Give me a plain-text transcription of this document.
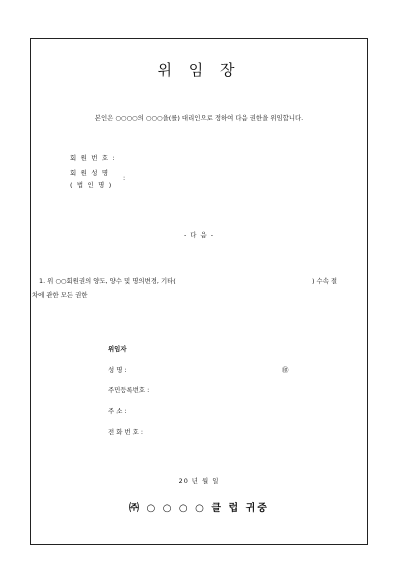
위 임 장
본인은 ○○○○의 ○○○을(를) 대리인으로 정하여 다음 권한을 위임합니다.
회 원 번 호 :
회 원 성 명
( 법 인 명 )
:
- 다 음 -
1. 위 ○○회원권의 양도, 양수 및 명의변경, 기타(	) 수속 절
차에 관한 모든 권한
위임자
성 명 :	㊞
주민등록번호 :
주 소 :
전 화 번 호 :
20 년 월 일
㈜ ○ ○ ○ ○ 클 럽 귀중
